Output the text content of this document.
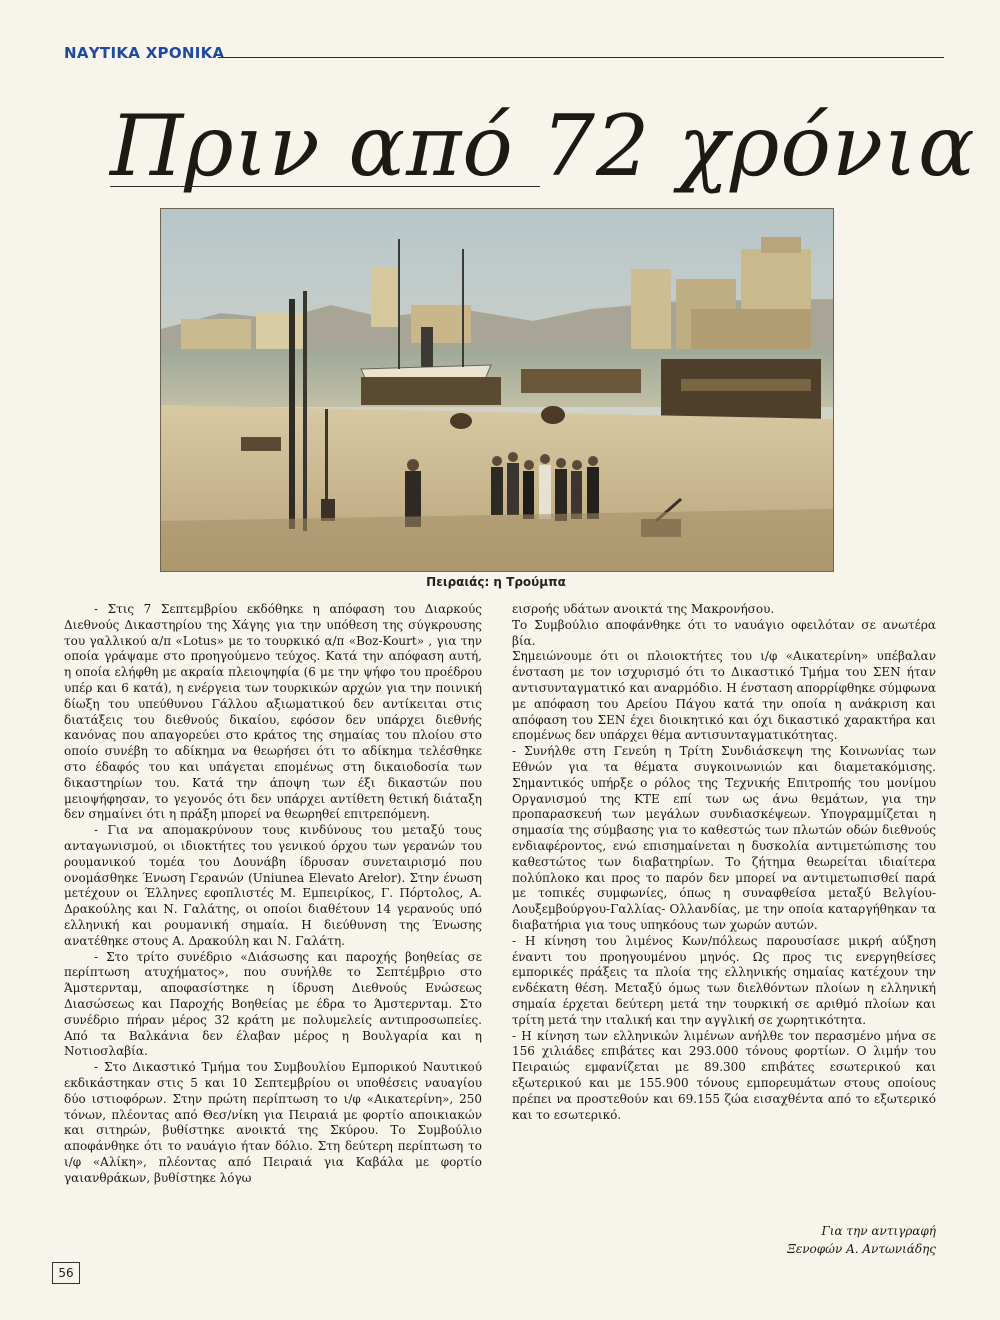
ΝΑΥΤΙΚΑ ΧΡΟΝΙΚΑ
Πριν από 72 χρόνια
Πειραιάς: η Τρούμπα

- Στις 7 Σεπτεμβρίου εκδόθηκε η απόφαση του Διαρκούς Διεθνούς Δικαστηρίου της Χάγης για την υπόθεση της σύγκρουσης του γαλλικού α/π «Lotus» με το τουρκικό α/π «Boz-Kourt» , για την οποία γράψαμε στο προηγούμενο τεύχος. Κατά την απόφαση αυτή, η οποία ελήφθη με ακραία πλειοψηφία (6 με την ψήφο του προέδρου υπέρ και 6 κατά), η ενέργεια των τουρκικών αρχών για την ποινική δίωξη του υπεύθυνου Γάλλου αξιωματικού δεν αντίκειται στις διατάξεις του διεθνούς δικαίου, εφόσον δεν υπάρχει διεθνής κανόνας που απαγορεύει στο κράτος της σημαίας του πλοίου στο οποίο συνέβη το αδίκημα να θεωρήσει ότι το αδίκημα τελέσθηκε στο έδαφός του και υπάγεται επομένως στη δικαιοδοσία των δικαστηρίων του. Κατά την άποψη των έξι δικαστών που μειοψήφησαν, το γεγονός ότι δεν υπάρχει αντίθετη θετική διάταξη δεν σημαίνει ότι η πράξη μπορεί να θεωρηθεί επιτρεπόμενη.

- Για να απομακρύνουν τους κινδύνους του μεταξύ τους ανταγωνισμού, οι ιδιοκτήτες του γενικού όρχου των γερανών του ρουμανικού τομέα του Δουνάβη ίδρυσαν συνεταιρισμό που ονομάσθηκε Ένωση Γερανών (Uniunea Elevato Arelor). Στην ένωση μετέχουν οι Έλληνες εφοπλιστές Μ. Εμπειρίκος, Γ. Πόρτολος, Α. Δρακούλης και Ν. Γαλάτης, οι οποίοι διαθέτουν 14 γερανούς υπό ελληνική και ρουμανική σημαία. Η διεύθυνση της Ένωσης ανατέθηκε στους Α. Δρακούλη και Ν. Γαλάτη.

- Στο τρίτο συνέδριο «Διάσωσης και παροχής βοηθείας σε περίπτωση ατυχήματος», που συνήλθε το Σεπτέμβριο στο Άμστερνταμ, αποφασίστηκε η ίδρυση Διεθνούς Ενώσεως Διασώσεως και Παροχής Βοηθείας με έδρα το Άμστερνταμ. Στο συνέδριο πήραν μέρος 32 κράτη με πολυμελείς αντιπροσωπείες. Από τα Βαλκάνια δεν έλαβαν μέρος η Βουλγαρία και η Νοτιοσλαβία.

- Στο Δικαστικό Τμήμα του Συμβουλίου Εμπορικού Ναυτικού εκδικάστηκαν στις 5 και 10 Σεπτεμβρίου οι υποθέσεις ναυαγίου δύο ιστιοφόρων. Στην πρώτη περίπτωση το ι/φ «Αικατερίνη», 250 τόνων, πλέοντας από Θεσ/νίκη για Πειραιά με φορτίο αποικιακών και σιτηρών, βυθίστηκε ανοικτά της Σκύρου. Το Συμβούλιο αποφάνθηκε ότι το ναυάγιο ήταν δόλιο. Στη δεύτερη περίπτωση το ι/φ «Αλίκη», πλέοντας από Πειραιά για Καβάλα με φορτίο γαιανθράκων, βυθίστηκε λόγω

εισροής υδάτων ανοικτά της Μακρονήσου.

Το Συμβούλιο αποφάνθηκε ότι το ναυάγιο οφειλόταν σε ανωτέρα βία.

Σημειώνουμε ότι οι πλοιοκτήτες του ι/φ «Αικατερίνη» υπέβαλαν ένσταση με τον ισχυρισμό ότι το Δικαστικό Τμήμα του ΣΕΝ ήταν αντισυνταγματικό και αναρμόδιο. Η ένσταση απορρίφθηκε σύμφωνα με απόφαση του Αρείου Πάγου κατά την οποία η ανάκριση και απόφαση του ΣΕΝ έχει διοικητικό και όχι δικαστικό χαρακτήρα και επομένως δεν υπάρχει θέμα αντισυνταγματικότητας.

- Συνήλθε στη Γενεύη η Τρίτη Συνδιάσκεψη της Κοινωνίας των Εθνών για τα θέματα συγκοινωνιών και διαμετακόμισης. Σημαντικός υπήρξε ο ρόλος της Τεχνικής Επιτροπής του μονίμου Οργανισμού της ΚΤΕ επί των ως άνω θεμάτων, για την προπαρασκευή των μεγάλων συνδιασκέψεων. Υπογραμμίζεται η σημασία της σύμβασης για το καθεστώς των πλωτών οδών διεθνούς ενδιαφέροντος, ενώ επισημαίνεται η δυσκολία αντιμετώπισης του καθεστώτος των διαβατηρίων. Το ζήτημα θεωρείται ιδιαίτερα πολύπλοκο και προς το παρόν δεν μπορεί να αντιμετωπισθεί παρά με τοπικές συμφωνίες, όπως η συναφθείσα μεταξύ Βελγίου-Λουξεμβούργου-Γαλλίας- Ολλανδίας, με την οποία καταργήθηκαν τα διαβατήρια για τους υπηκόους των χωρών αυτών.

- Η κίνηση του λιμένος Κων/πόλεως παρουσίασε μικρή αύξηση έναντι του προηγουμένου μηνός. Ως προς τις ενεργηθείσες εμπορικές πράξεις τα πλοία της ελληνικής σημαίας κατέχουν την ενδέκατη θέση. Μεταξύ όμως των διελθόντων πλοίων η ελληνική σημαία έρχεται δεύτερη μετά την τουρκική σε αριθμό πλοίων και τρίτη μετά την ιταλική και την αγγλική σε χωρητικότητα.

- Η κίνηση των ελληνικών λιμένων ανήλθε τον περασμένο μήνα σε 156 χιλιάδες επιβάτες και 293.000 τόνους φορτίων. Ο λιμήν του Πειραιώς εμφανίζεται με 89.300 επιβάτες εσωτερικού και εξωτερικού και με 155.900 τόνους εμπορευμάτων στους οποίους πρέπει να προστεθούν και 69.155 ζώα εισαχθέντα από το εξωτερικό και το εσωτερικό.

Για την αντιγραφή
Ξενοφών Α. Αντωνιάδης
56
